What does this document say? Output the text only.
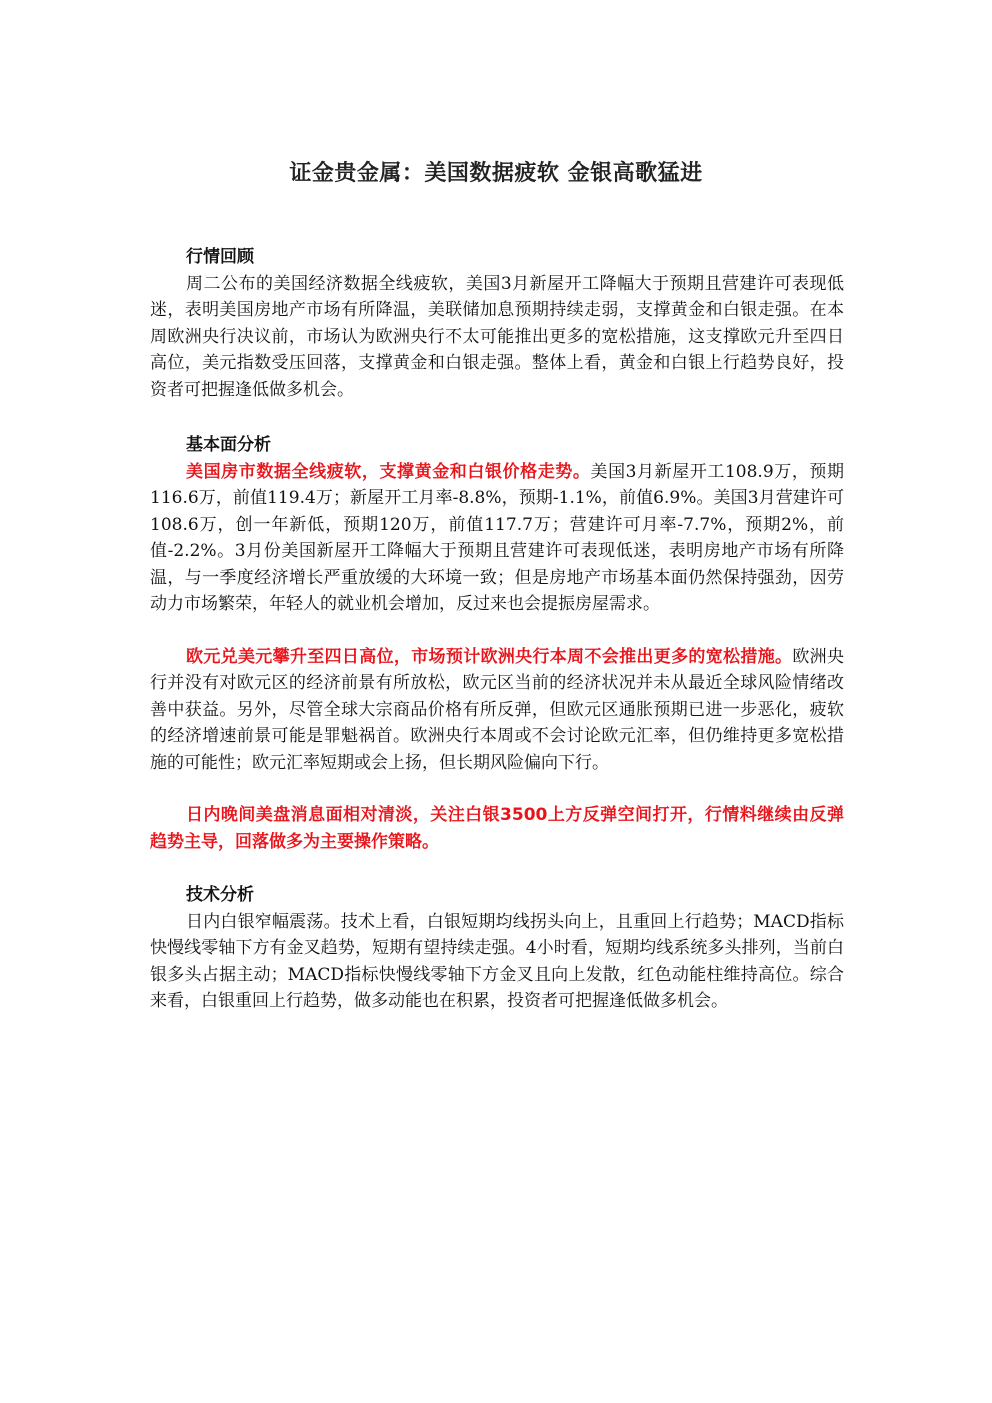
证金贵金属：美国数据疲软 金银高歌猛进
行情回顾

周二公布的美国经济数据全线疲软，美国3月新屋开工降幅大于预期且营建许可表现低迷，表明美国房地产市场有所降温，美联储加息预期持续走弱，支撑黄金和白银走强。在本周欧洲央行决议前，市场认为欧洲央行不太可能推出更多的宽松措施，这支撑欧元升至四日高位，美元指数受压回落，支撑黄金和白银走强。整体上看，黄金和白银上行趋势良好，投资者可把握逢低做多机会。

基本面分析

美国房市数据全线疲软，支撑黄金和白银价格走势。美国3月新屋开工108.9万，预期116.6万，前值119.4万；新屋开工月率-8.8%，预期-1.1%，前值6.9%。美国3月营建许可108.6万，创一年新低，预期120万，前值117.7万；营建许可月率-7.7%，预期2%，前值-2.2%。3月份美国新屋开工降幅大于预期且营建许可表现低迷，表明房地产市场有所降温，与一季度经济增长严重放缓的大环境一致；但是房地产市场基本面仍然保持强劲，因劳动力市场繁荣，年轻人的就业机会增加，反过来也会提振房屋需求。

欧元兑美元攀升至四日高位，市场预计欧洲央行本周不会推出更多的宽松措施。欧洲央行并没有对欧元区的经济前景有所放松，欧元区当前的经济状况并未从最近全球风险情绪改善中获益。另外，尽管全球大宗商品价格有所反弹，但欧元区通胀预期已进一步恶化，疲软的经济增速前景可能是罪魁祸首。欧洲央行本周或不会讨论欧元汇率，但仍维持更多宽松措施的可能性；欧元汇率短期或会上扬，但长期风险偏向下行。

日内晚间美盘消息面相对清淡，关注白银3500上方反弹空间打开，行情料继续由反弹趋势主导，回落做多为主要操作策略。

技术分析

日内白银窄幅震荡。技术上看，白银短期均线拐头向上，且重回上行趋势；MACD指标快慢线零轴下方有金叉趋势，短期有望持续走强。4小时看，短期均线系统多头排列，当前白银多头占据主动；MACD指标快慢线零轴下方金叉且向上发散，红色动能柱维持高位。综合来看，白银重回上行趋势，做多动能也在积累，投资者可把握逢低做多机会。
